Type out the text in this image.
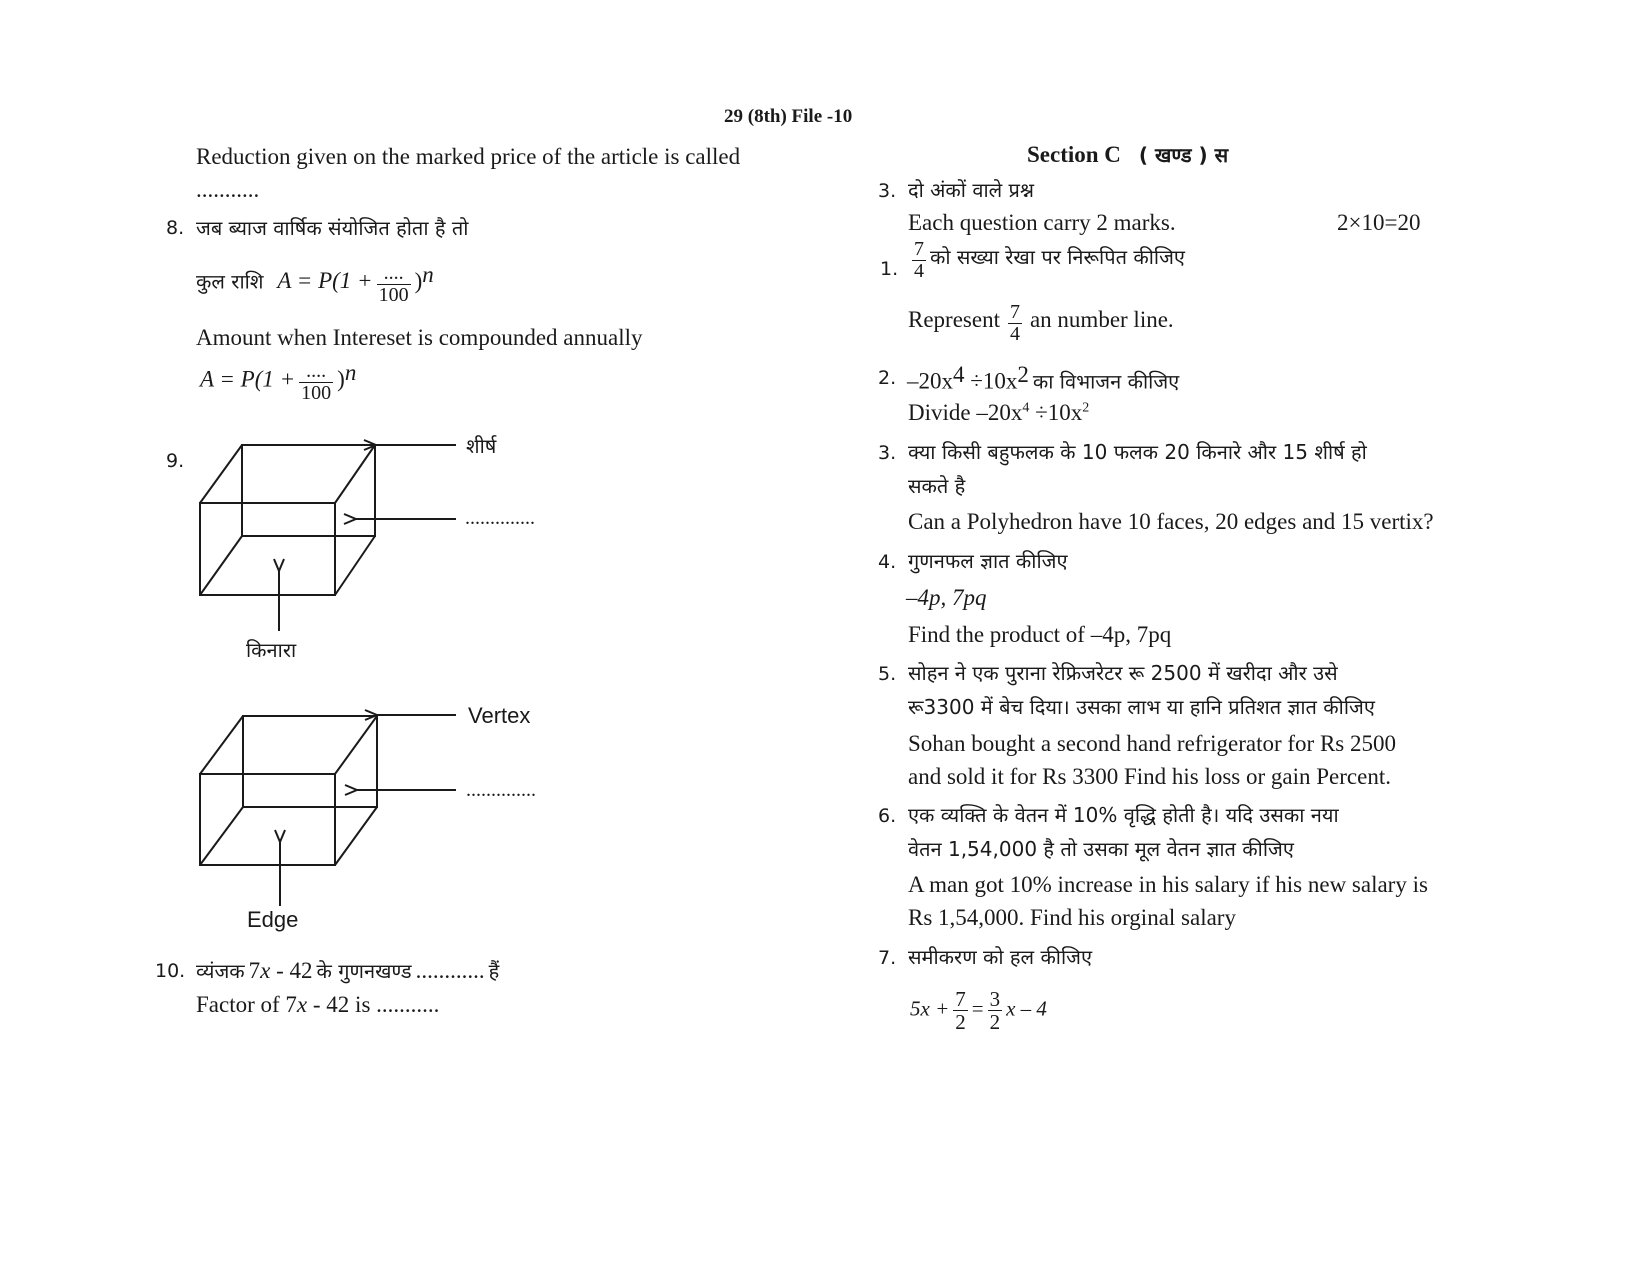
29 (8th) File -10
Reduction given on the marked price of the article is called
...........
8. जब ब्याज वार्षिक संयोजित होता है तो
कुल राशि $A = P(1 + \frac{....}{100} )^n$
Amount when Intereset is compounded annually
$A = P(1 + \frac{....}{100} )^n$
9.
शीर्ष
..............
किनारा
Vertex
..............
Edge
10. व्यंजक 7x - 42 के गुणनखण्ड ............ हैं
Factor of 7x - 42 is ...........
Section C ( खण्ड ) स
3. दो अंकों वाले प्रश्न
Each question carry 2 marks.	2×10=20
1. $\frac{7}{4}$ को सख्या रेखा पर निरूपित कीजिए
Represent $\frac{7}{4}$ an number line.
2. $-20x^4 \div 10x^2$ का विभाजन कीजिए
Divide $-20x^4 \div 10x^2$
3. क्या किसी बहुफलक के 10 फलक 20 किनारे और 15 शीर्ष हो
सकते है
Can a Polyhedron have 10 faces, 20 edges and 15 vertix?
4. गुणनफल ज्ञात कीजिए
–4p, 7pq
Find the product of –4p, 7pq
5. सोहन ने एक पुराना रेफ्रिजरेटर रू 2500 में खरीदा और उसे
रू3300 में बेच दिया। उसका लाभ या हानि प्रतिशत ज्ञात कीजिए
Sohan bought a second hand refrigerator for Rs 2500
and sold it for Rs 3300 Find his loss or gain Percent.
6. एक व्यक्ति के वेतन में 10% वृद्धि होती है। यदि उसका नया
वेतन 1,54,000 है तो उसका मूल वेतन ज्ञात कीजिए
A man got 10% increase in his salary if his new salary is
Rs 1,54,000. Find his orginal salary
7. समीकरण को हल कीजिए
$5x + \frac{7}{2} = \frac{3}{2}$ x – 4
